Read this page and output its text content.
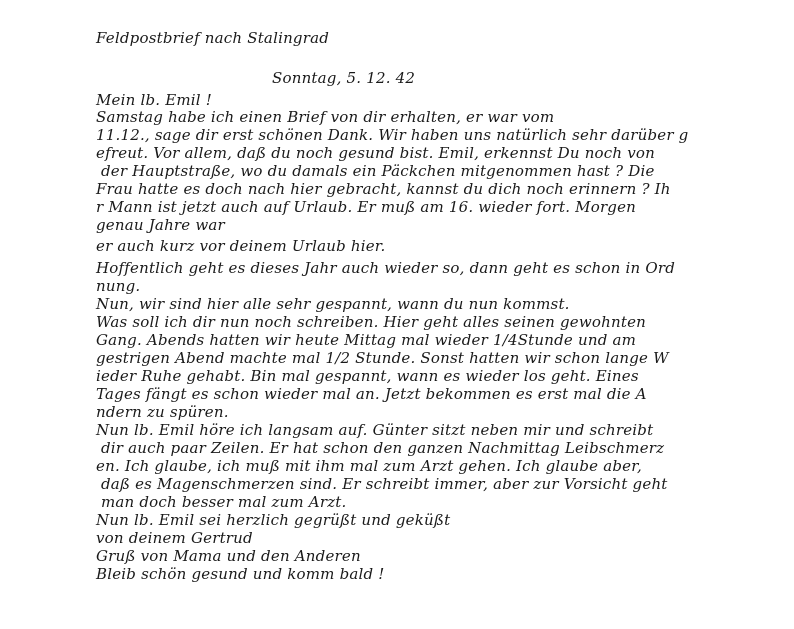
Feldpostbrief nach Stalingrad
Sonntag, 5. 12. 42
Mein lb. Emil !
Samstag habe ich einen Brief von dir erhalten, er war vom
11.12., sage dir erst schönen Dank. Wir haben uns natürlich sehr darüber g
efreut. Vor allem, daß du noch gesund bist. Emil, erkennst Du noch von
der Hauptstraße, wo du damals ein Päckchen mitgenommen hast ? Die
Frau hatte es doch nach hier gebracht, kannst du dich noch erinnern ? Ih
r Mann ist jetzt auch auf Urlaub. Er muß am 16. wieder fort. Morgen
genau Jahre war
er auch kurz vor deinem Urlaub hier.
Hoffentlich geht es dieses Jahr auch wieder so, dann geht es schon in Ord
nung.
Nun, wir sind hier alle sehr gespannt, wann du nun kommst.
Was soll ich dir nun noch schreiben. Hier geht alles seinen gewohnten
Gang. Abends hatten wir heute Mittag mal wieder 1/4Stunde und am
gestrigen Abend machte mal 1/2 Stunde. Sonst hatten wir schon lange W
ieder Ruhe gehabt. Bin mal gespannt, wann es wieder los geht. Eines
Tages fängt es schon wieder mal an. Jetzt bekommen es erst mal die A
ndern zu spüren.
Nun lb. Emil höre ich langsam auf. Günter sitzt neben mir und schreibt
dir auch paar Zeilen. Er hat schon den ganzen Nachmittag Leibschmerz
en. Ich glaube, ich muß mit ihm mal zum Arzt gehen. Ich glaube aber,
daß es Magenschmerzen sind. Er schreibt immer, aber zur Vorsicht geht
man doch besser mal zum Arzt.
Nun lb. Emil sei herzlich gegrüßt und geküßt
von deinem Gertrud
Gruß von Mama und den Anderen
Bleib schön gesund und komm bald !
